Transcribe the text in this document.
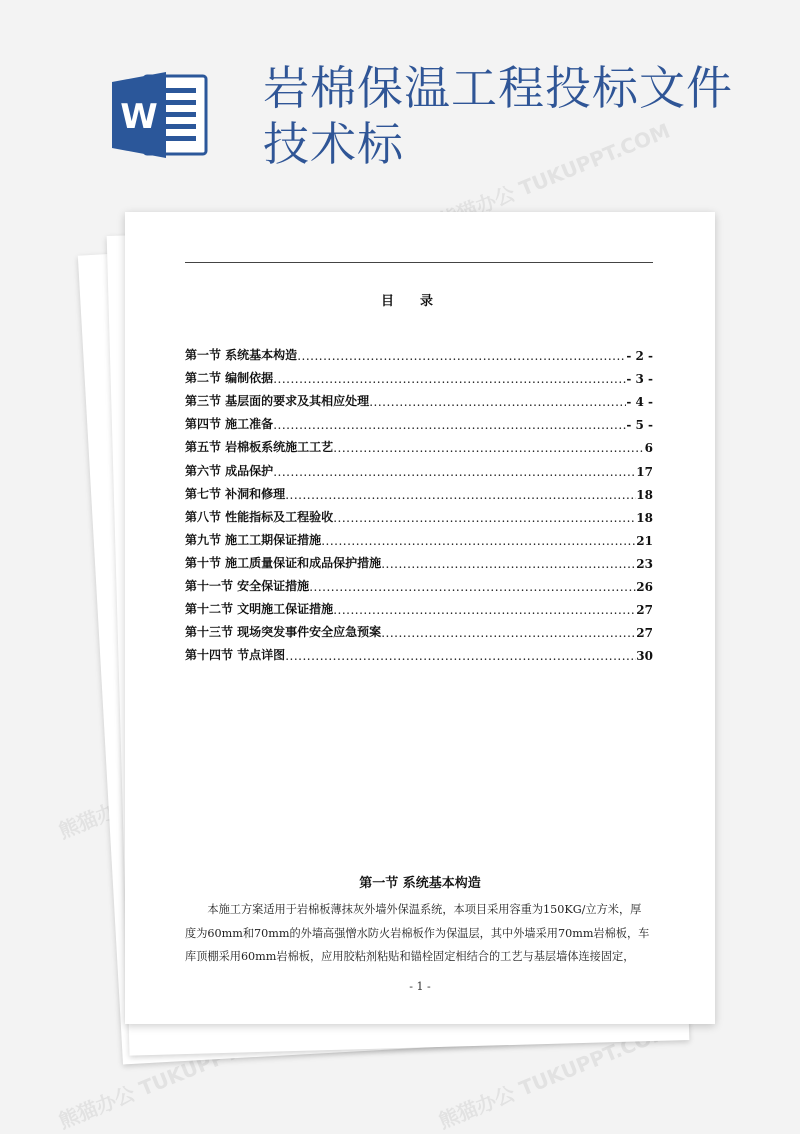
W
岩棉保温工程投标文件
技术标	熊猫办公 TUKUPPT.COM
熊猫办公
熊猫办公 TUKUPPT.COM	熊猫办公 TUKUPPT.COM
目录
第一节 系统基本构造 .....	- 2 -
第二节 编制依据 .....	- 3 -
第三节 基层面的要求及其相应处理 .....	- 4 -
第四节 施工准备 .....	- 5 -
第五节 岩棉板系统施工工艺 .....	6
第六节 成品保护 .....	17
第七节 补洞和修理 .....	18
第八节 性能指标及工程验收 .....	18
第九节 施工工期保证措施 .....	21
第十节 施工质量保证和成品保护措施 .....	23
第十一节 安全保证措施 .....	26
第十二节 文明施工保证措施 .....	27
第十三节 现场突发事件安全应急预案 .....	27
第十四节 节点详图 .....	30
第一节 系统基本构造
本施工方案适用于岩棉板薄抹灰外墙外保温系统，本项目采用容重为150KG/立方米，厚
度为60mm和70mm的外墙高强憎水防火岩棉板作为保温层，其中外墙采用70mm岩棉板，车
库顶棚采用60mm岩棉板，应用胶粘剂粘贴和锚栓固定相结合的工艺与基层墙体连接固定，
- 1 -
